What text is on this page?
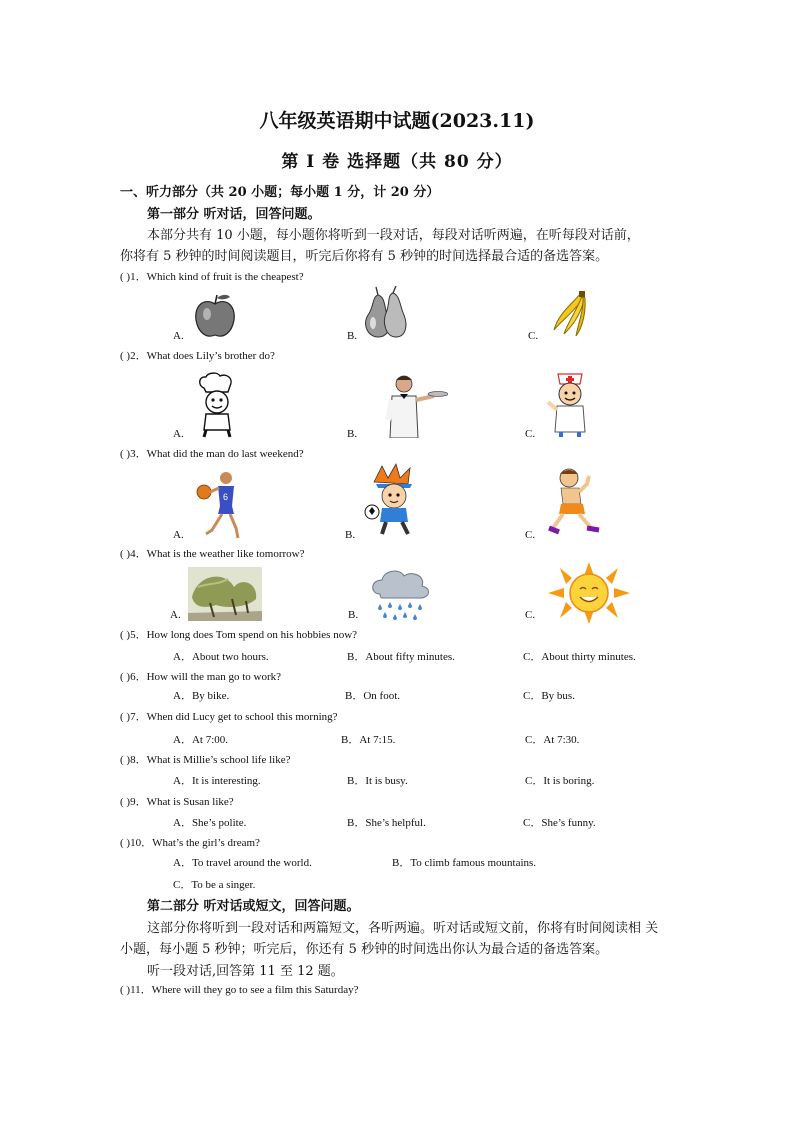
八年级英语期中试题(2023.11)
第 I 卷 选择题（共 80 分）
一、听力部分（共 20 小题；每小题 1 分，计 20 分）
第一部分 听对话，回答问题。
本部分共有 10 小题，每小题你将听到一段对话，每段对话听两遍，在听每段对话前，
你将有 5 秒钟的时间阅读题目，听完后你将有 5 秒钟的时间选择最合适的备选答案。
( )1．Which kind of fruit is the cheapest?
A.	B.	C.
( )2．What does Lily’s brother do?
A.	B.	C.
( )3．What did the man do last weekend?
A.	B.	C.
6
( )4．What is the weather like tomorrow?
A.	B.	C.
( )5．How long does Tom spend on his hobbies now?
A．About two hours.	B．About fifty minutes.	C．About thirty minutes.
( )6．How will the man go to work?
A．By bike.	B．On foot.	C．By bus.
( )7．When did Lucy get to school this morning?
A．At 7:00.	B．At 7:15.	C．At 7:30.
( )8．What is Millie’s school life like?
A．It is interesting.	B．It is busy.	C．It is boring.
( )9．What is Susan like?
A．She’s polite.	B．She’s helpful.	C．She’s funny.
( )10．What’s the girl’s dream?
A．To travel around the world.	B．To climb famous mountains.
C．To be a singer.
第二部分 听对话或短文，回答问题。
这部分你将听到一段对话和两篇短文，各听两遍。听对话或短文前，你将有时间阅读相 关
小题，每小题 5 秒钟；听完后，你还有 5 秒钟的时间选出你认为最合适的备选答案。
听一段对话,回答第 11 至 12 题。
( )11．Where will they go to see a film this Saturday?
